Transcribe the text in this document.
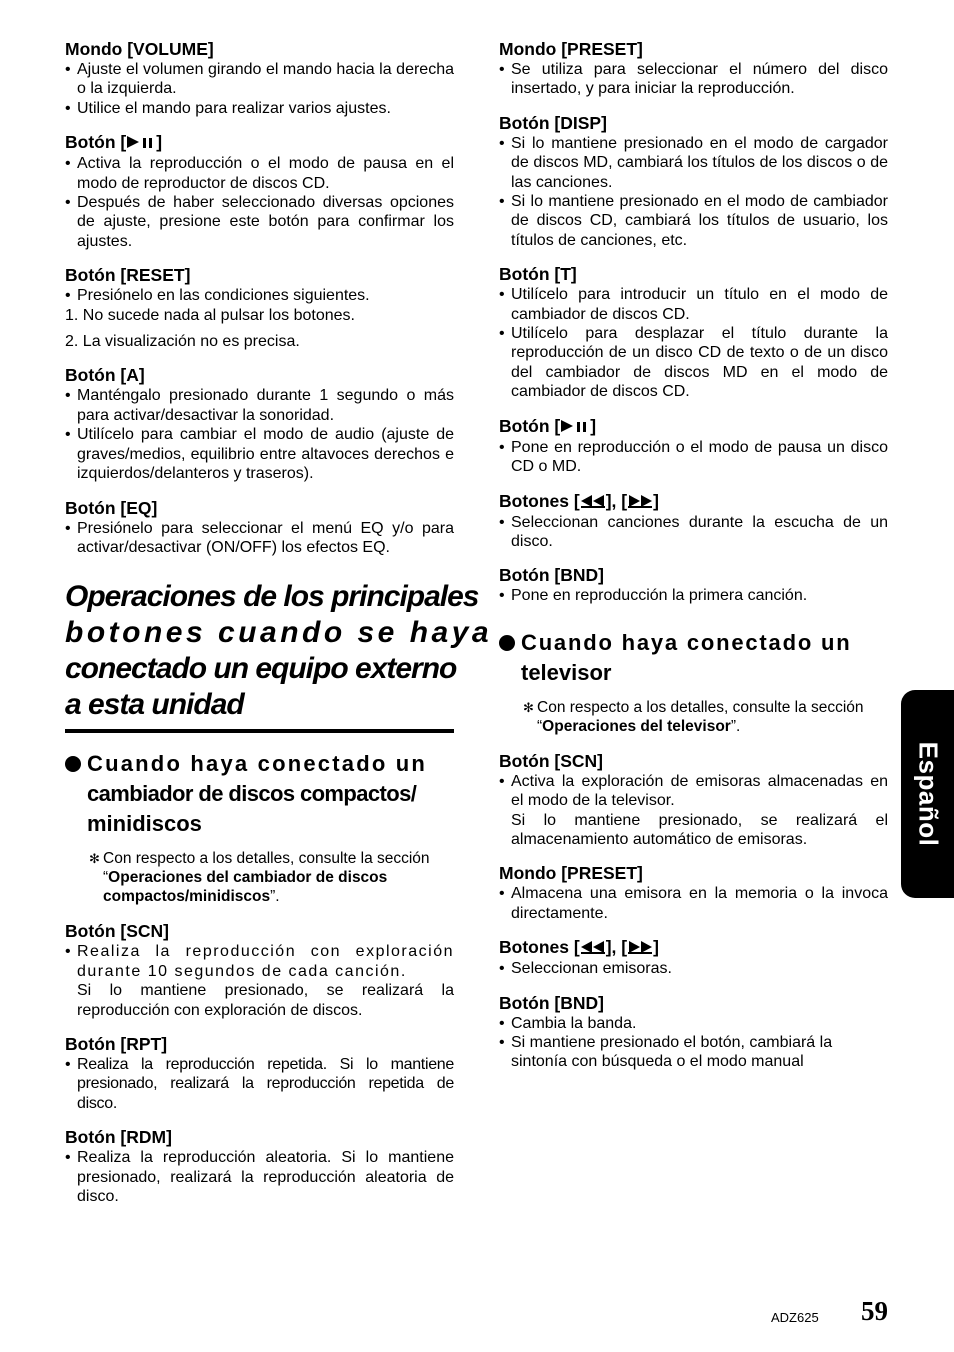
Mondo [VOLUME]
• Ajuste el volumen girando el mando hacia la derecha o la izquierda.
• Utilice el mando para realizar varios ajustes.
Botón [ ]
• Activa la reproducción o el modo de pausa en el modo de reproductor de discos CD.
• Después de haber seleccionado diversas opciones de ajuste, presione este botón para confirmar los ajustes.
Botón [RESET]
• Presiónelo en las condiciones siguientes.
1. No sucede nada al pulsar los botones.
2. La visualización no es precisa.
Botón [A]
• Manténgalo presionado durante 1 segundo o más para activar/desactivar la sonoridad.
• Utilícelo para cambiar el modo de audio (ajuste de graves/medios, equilibrio entre altavoces derechos e izquierdos/delanteros y traseros).
Botón [EQ]
• Presiónelo para seleccionar el menú EQ y/o para activar/desactivar (ON/OFF) los efectos EQ.
Operaciones de los principales
botones cuando se haya
conectado un equipo externo
a esta unidad
Cuando haya conectado un
cambiador de discos compactos/
minidiscos

✻ Con respecto a los detalles, consulte la sección “Operaciones del cambiador de discos compactos/minidiscos”.

Botón [SCN]
• Realiza la reproducción con exploración durante 10 segundos de cada canción.
Si lo mantiene presionado, se realizará la reproducción con exploración de discos.
Botón [RPT]
• Realiza la reproducción repetida. Si lo mantiene presionado, realizará la reproducción repetida de disco.
Botón [RDM]
• Realiza la reproducción aleatoria. Si lo mantiene presionado, realizará la reproducción aleatoria de disco.
Mondo [PRESET]
• Se utiliza para seleccionar el número del disco insertado, y para iniciar la reproducción.
Botón [DISP]
• Si lo mantiene presionado en el modo de cargador de discos MD, cambiará los títulos de los discos o de las canciones.
• Si lo mantiene presionado en el modo de cambiador de discos CD, cambiará los títulos de usuario, los títulos de canciones, etc.
Botón [T]
• Utilícelo para introducir un título en el modo de cambiador de discos CD.
• Utilícelo para desplazar el título durante la reproducción de un disco CD de texto o de un disco del cambiador de discos MD en el modo de cambiador de discos CD.
Botón [ ]
• Pone en reproducción o el modo de pausa un disco CD o MD.
Botones [ ], [ ]
• Seleccionan canciones durante la escucha de un disco.
Botón [BND]
• Pone en reproducción la primera canción.
Cuando haya conectado un
televisor

✻ Con respecto a los detalles, consulte la sección “Operaciones del televisor”.

Botón [SCN]
• Activa la exploración de emisoras almacenadas en el modo de la televisor.
Si lo mantiene presionado, se realizará el almacenamiento automático de emisoras.
Mondo [PRESET]
• Almacena una emisora en la memoria o la invoca directamente.
Botones [ ], [ ]
• Seleccionan emisoras.
Botón [BND]
• Cambia la banda.
• Si mantiene presionado el botón, cambiará la sintonía con búsqueda o el modo manual
Español
ADZ625 59
